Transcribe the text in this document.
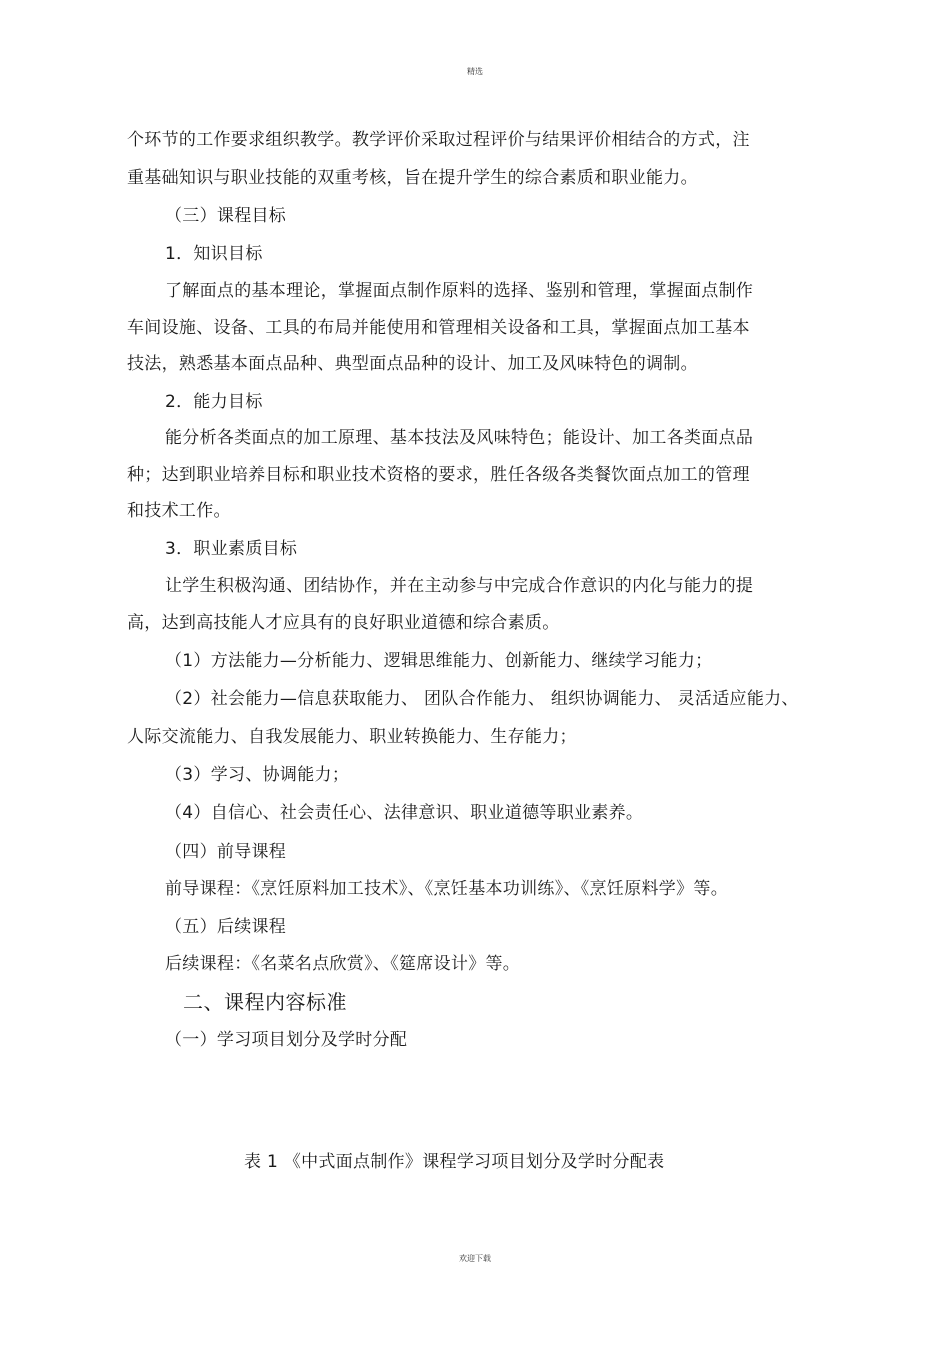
精选
个环节的工作要求组织教学。教学评价采取过程评价与结果评价相结合的方式，注
重基础知识与职业技能的双重考核，旨在提升学生的综合素质和职业能力。
（三）课程目标
1．知识目标
了解面点的基本理论，掌握面点制作原料的选择、鉴别和管理，掌握面点制作
车间设施、设备、工具的布局并能使用和管理相关设备和工具，掌握面点加工基本
技法，熟悉基本面点品种、典型面点品种的设计、加工及风味特色的调制。
2．能力目标
能分析各类面点的加工原理、基本技法及风味特色；能设计、加工各类面点品
种；达到职业培养目标和职业技术资格的要求，胜任各级各类餐饮面点加工的管理
和技术工作。
3．职业素质目标
让学生积极沟通、团结协作，并在主动参与中完成合作意识的内化与能力的提
高，达到高技能人才应具有的良好职业道德和综合素质。
（1）方法能力—分析能力、逻辑思维能力、创新能力、继续学习能力；
（2）社会能力—信息获取能力、 团队合作能力、 组织协调能力、 灵活适应能力、
人际交流能力、自我发展能力、职业转换能力、生存能力；
（3）学习、协调能力；
（4）自信心、社会责任心、法律意识、职业道德等职业素养。
（四）前导课程
前导课程：《烹饪原料加工技术》、《烹饪基本功训练》、《烹饪原料学》等。
（五）后续课程
后续课程：《名菜名点欣赏》、《筵席设计》等。
二、课程内容标准
（一）学习项目划分及学时分配
表 1 《中式面点制作》课程学习项目划分及学时分配表
欢迎下载
